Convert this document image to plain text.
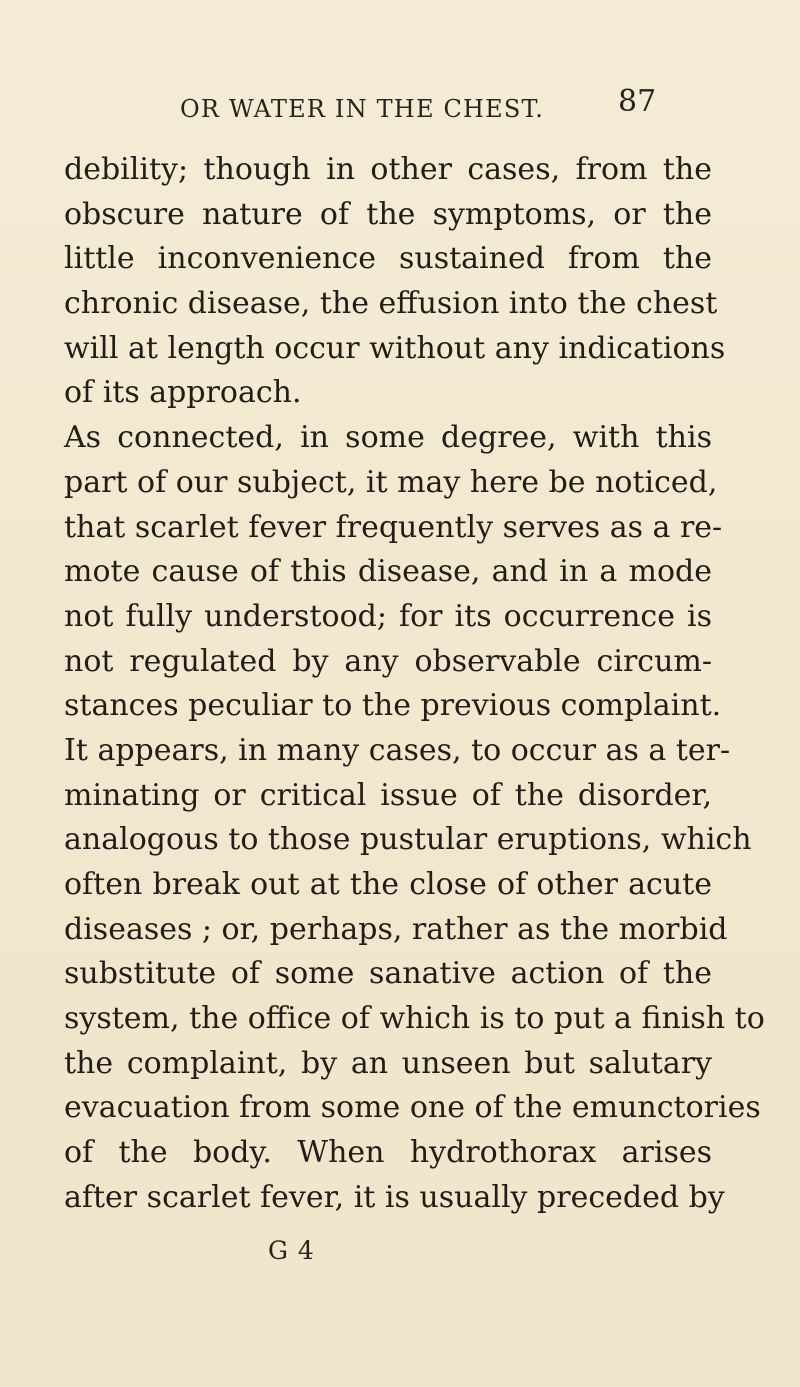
OR WATER IN THE CHEST. 87
debility; though in other cases, from the
obscure nature of the symptoms, or the
little inconvenience sustained from the
chronic disease, the effusion into the chest
will at length occur without any indications
of its approach.
As connected, in some degree, with this
part of our subject, it may here be noticed,
that scarlet fever frequently serves as a re-
mote cause of this disease, and in a mode
not fully understood; for its occurrence is
not regulated by any observable circum-
stances peculiar to the previous complaint.
It appears, in many cases, to occur as a ter-
minating or critical issue of the disorder,
analogous to those pustular eruptions, which
often break out at the close of other acute
diseases ; or, perhaps, rather as the morbid
substitute of some sanative action of the
system, the office of which is to put a finish to
the complaint, by an unseen but salutary
evacuation from some one of the emunctories
of the body. When hydrothorax arises
after scarlet fever, it is usually preceded by
G 4
